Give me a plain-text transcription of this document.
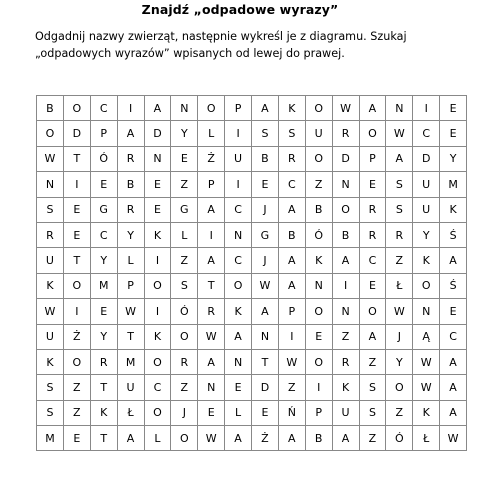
Znajdź „odpadowe wyrazy”
Odgadnij nazwy zwierząt, następnie wykreśl je z diagramu. Szukaj „odpadowych wyrazów” wpisanych od lewej do prawej.
B	O	C	I	A	N	O	P	A	K	O	W	A	N	I	E
O	D	P	A	D	Y	L	I	S	S	U	R	O	W	C	E
W	T	Ó	R	N	E	Ż	U	B	R	O	D	P	A	D	Y
N	I	E	B	E	Z	P	I	E	C	Z	N	E	S	U	M
S	E	G	R	E	G	A	C	J	A	B	O	R	S	U	K
R	E	C	Y	K	L	I	N	G	B	Ó	B	R	R	Y	Ś
U	T	Y	L	I	Z	A	C	J	A	K	A	C	Z	K	A
K	O	M	P	O	S	T	O	W	A	N	I	E	Ł	O	Ś
W	I	E	W	I	Ó	R	K	A	P	O	N	O	W	N	E
U	Ż	Y	T	K	O	W	A	N	I	E	Z	A	J	Ą	C
K	O	R	M	O	R	A	N	T	W	O	R	Z	Y	W	A
S	Z	T	U	C	Z	N	E	D	Z	I	K	S	O	W	A
S	Z	K	Ł	O	J	E	L	E	Ń	P	U	S	Z	K	A
M	E	T	A	L	O	W	A	Ż	A	B	A	Z	Ó	Ł	W
